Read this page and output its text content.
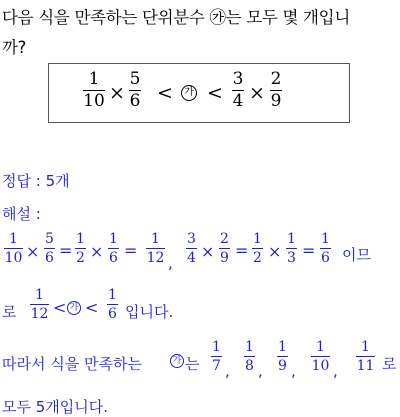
다음 식을 만족하는 단위분수 ㉮는 모두 몇 개입니
까?
1
10 ×
5
6 <	가 <
3
4 ×
2
9
정답 : 5개
해설 :
1
10 ×
5
6 =
1
2 ×
1
6 =
1
12 ,
3
4 ×
2
9 =
1
2 ×
1
3 =
1
6 이므
로
1
12 < 가 <
1
6 입니다.
따라서 식을 만족하는	가 는
1
7 ,
1
8 ,
1
9 ,
1
10 ,
1
11 로
모두 5개입니다.
